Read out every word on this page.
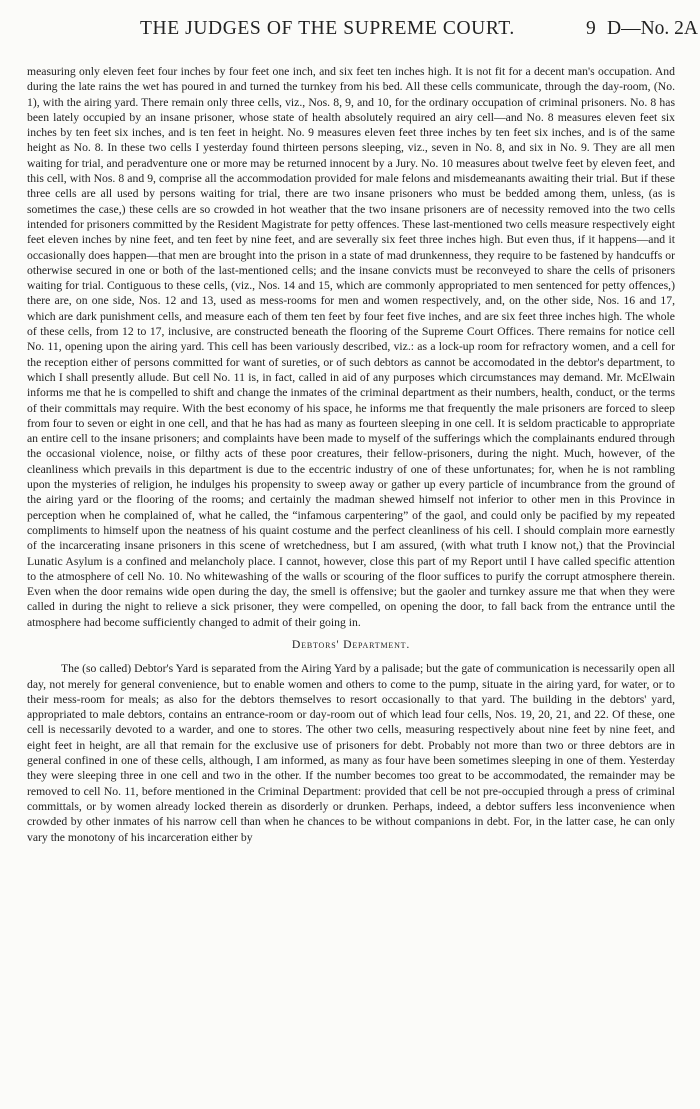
THE JUDGES OF THE SUPREME COURT.	9 D—No. 2A

measuring only eleven feet four inches by four feet one inch, and six feet ten inches high. It is not fit for a decent man's occupation. And during the late rains the wet has poured in and turned the turnkey from his bed. All these cells communicate, through the day-room, (No. 1), with the airing yard. There remain only three cells, viz., Nos. 8, 9, and 10, for the ordinary occupation of criminal prisoners. No. 8 has been lately occupied by an insane prisoner, whose state of health absolutely required an airy cell—and No. 8 measures eleven feet six inches by ten feet six inches, and is ten feet in height. No. 9 measures eleven feet three inches by ten feet six inches, and is of the same height as No. 8. In these two cells I yesterday found thirteen persons sleeping, viz., seven in No. 8, and six in No. 9. They are all men waiting for trial, and peradventure one or more may be returned innocent by a Jury. No. 10 measures about twelve feet by eleven feet, and this cell, with Nos. 8 and 9, comprise all the accommodation provided for male felons and misdemeanants awaiting their trial. But if these three cells are all used by persons waiting for trial, there are two insane prisoners who must be bedded among them, unless, (as is sometimes the case,) these cells are so crowded in hot weather that the two insane prisoners are of necessity removed into the two cells intended for prisoners committed by the Resident Magistrate for petty offences. These last-mentioned two cells measure respectively eight feet eleven inches by nine feet, and ten feet by nine feet, and are severally six feet three inches high. But even thus, if it happens—and it occasionally does happen—that men are brought into the prison in a state of mad drunkenness, they require to be fastened by handcuffs or otherwise secured in one or both of the last-mentioned cells; and the insane convicts must be reconveyed to share the cells of prisoners waiting for trial. Contiguous to these cells, (viz., Nos. 14 and 15, which are commonly appropriated to men sentenced for petty offences,) there are, on one side, Nos. 12 and 13, used as mess-rooms for men and women respectively, and, on the other side, Nos. 16 and 17, which are dark punishment cells, and measure each of them ten feet by four feet five inches, and are six feet three inches high. The whole of these cells, from 12 to 17, inclusive, are constructed beneath the flooring of the Supreme Court Offices. There remains for notice cell No. 11, opening upon the airing yard. This cell has been variously described, viz.: as a lock-up room for refractory women, and a cell for the reception either of persons committed for want of sureties, or of such debtors as cannot be accomodated in the debtor's department, to which I shall presently allude. But cell No. 11 is, in fact, called in aid of any purposes which circumstances may demand. Mr. McElwain informs me that he is compelled to shift and change the inmates of the criminal department as their numbers, health, conduct, or the terms of their committals may require. With the best economy of his space, he informs me that frequently the male prisoners are forced to sleep from four to seven or eight in one cell, and that he has had as many as fourteen sleeping in one cell. It is seldom practicable to appropriate an entire cell to the insane prisoners; and complaints have been made to myself of the sufferings which the complainants endured through the occasional violence, noise, or filthy acts of these poor creatures, their fellow-prisoners, during the night. Much, however, of the cleanliness which prevails in this department is due to the eccentric industry of one of these unfortunates; for, when he is not rambling upon the mysteries of religion, he indulges his propensity to sweep away or gather up every particle of incumbrance from the ground of the airing yard or the flooring of the rooms; and certainly the madman shewed himself not inferior to other men in this Province in perception when he complained of, what he called, the “infamous carpentering” of the gaol, and could only be pacified by my repeated compliments to himself upon the neatness of his quaint costume and the perfect cleanliness of his cell. I should complain more earnestly of the incarcerating insane prisoners in this scene of wretchedness, but I am assured, (with what truth I know not,) that the Provincial Lunatic Asylum is a confined and melancholy place. I cannot, however, close this part of my Report until I have called specific attention to the atmosphere of cell No. 10. No whitewashing of the walls or scouring of the floor suffices to purify the corrupt atmosphere therein. Even when the door remains wide open during the day, the smell is offensive; but the gaoler and turnkey assure me that when they were called in during the night to relieve a sick prisoner, they were compelled, on opening the door, to fall back from the entrance until the atmosphere had become sufficiently changed to admit of their going in.

Debtors' Department.

The (so called) Debtor's Yard is separated from the Airing Yard by a palisade; but the gate of communication is necessarily open all day, not merely for general convenience, but to enable women and others to come to the pump, situate in the airing yard, for water, or to their mess-room for meals; as also for the debtors themselves to resort occasionally to that yard. The building in the debtors' yard, appropriated to male debtors, contains an entrance-room or day-room out of which lead four cells, Nos. 19, 20, 21, and 22. Of these, one cell is necessarily devoted to a warder, and one to stores. The other two cells, measuring respectively about nine feet by nine feet, and eight feet in height, are all that remain for the exclusive use of prisoners for debt. Probably not more than two or three debtors are in general confined in one of these cells, although, I am informed, as many as four have been sometimes sleeping in one of them. Yesterday they were sleeping three in one cell and two in the other. If the number becomes too great to be accommodated, the remainder may be removed to cell No. 11, before mentioned in the Criminal Department: provided that cell be not pre-occupied through a press of criminal committals, or by women already locked therein as disorderly or drunken. Perhaps, indeed, a debtor suffers less inconvenience when crowded by other inmates of his narrow cell than when he chances to be without companions in debt. For, in the latter case, he can only vary the monotony of his incarceration either by
